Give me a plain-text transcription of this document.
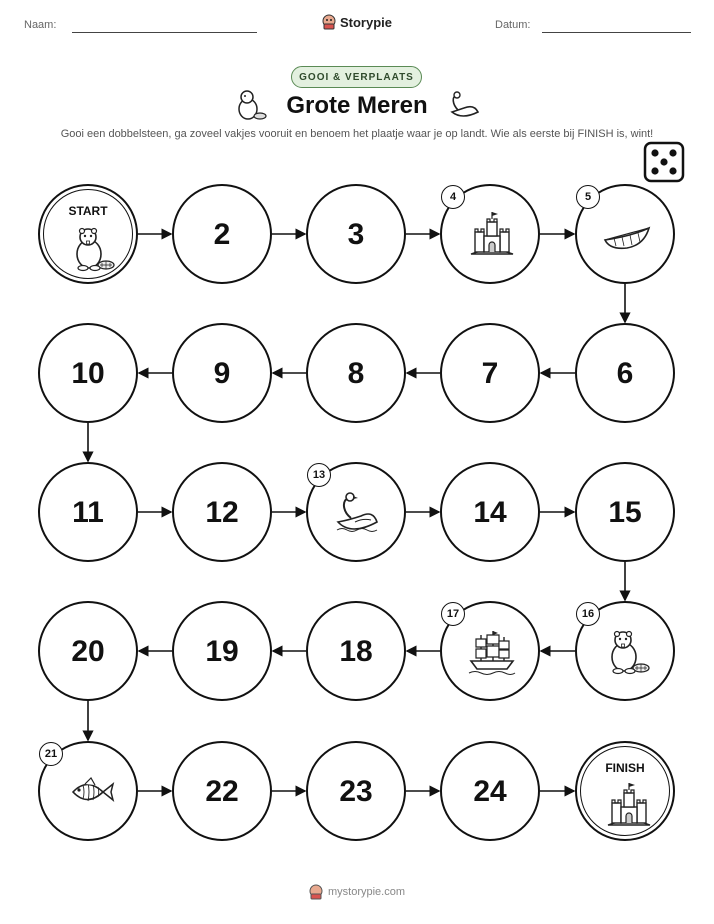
Naam:	Storypie	Datum:
GOOI & VERPLAATS
Grote Meren
Gooi een dobbelsteen, ga zoveel vakjes vooruit en benoem het plaatje waar je op landt. Wie als eerste bij FINISH is, wint!
START
2	3
4	5
6
7
8
9
10
11	12
13
14	15
16
17
18
19
20
21
22	23	24
FINISH
mystorypie.com
